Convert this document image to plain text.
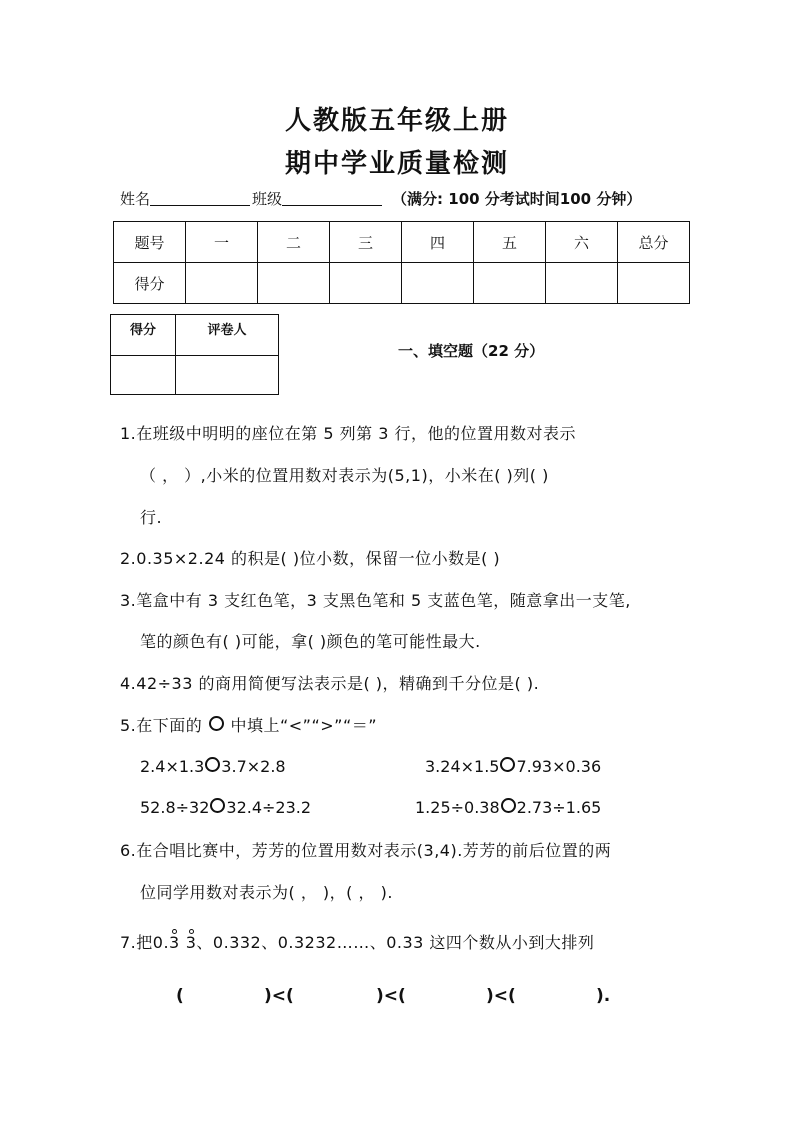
人教版五年级上册
期中学业质量检测
姓名	班级	（满分: 100 分考试时间100 分钟）
题号	一	二	三	四	五	六	总分
得分							
得分	评卷人

一、填空题（22 分）
1.在班级中明明的座位在第 5 列第 3 行，他的位置用数对表示
（ ， ）,小米的位置用数对表示为(5,1)，小米在( )列( )
行.
2.0.35×2.24 的积是( )位小数，保留一位小数是( )
3.笔盒中有 3 支红色笔，3 支黑色笔和 5 支蓝色笔，随意拿出一支笔,
笔的颜色有( )可能，拿( )颜色的笔可能性最大.
4.42÷33 的商用简便写法表示是( )，精确到千分位是( ).
5.在下面的 中填上“<”“>”“＝”
2.4×1.3 3.7×2.8	3.24×1.5 7.93×0.36
52.8÷32 32.4÷23.2	1.25÷0.38 2.73÷1.65
6.在合唱比赛中，芳芳的位置用数对表示(3,4).芳芳的前后位置的两
位同学用数对表示为( ， )，( ， ).
7.把0.3 3、0.332、0.3232……、0.33 这四个数从小到大排列
(	)<(	)<(	)<(	).
